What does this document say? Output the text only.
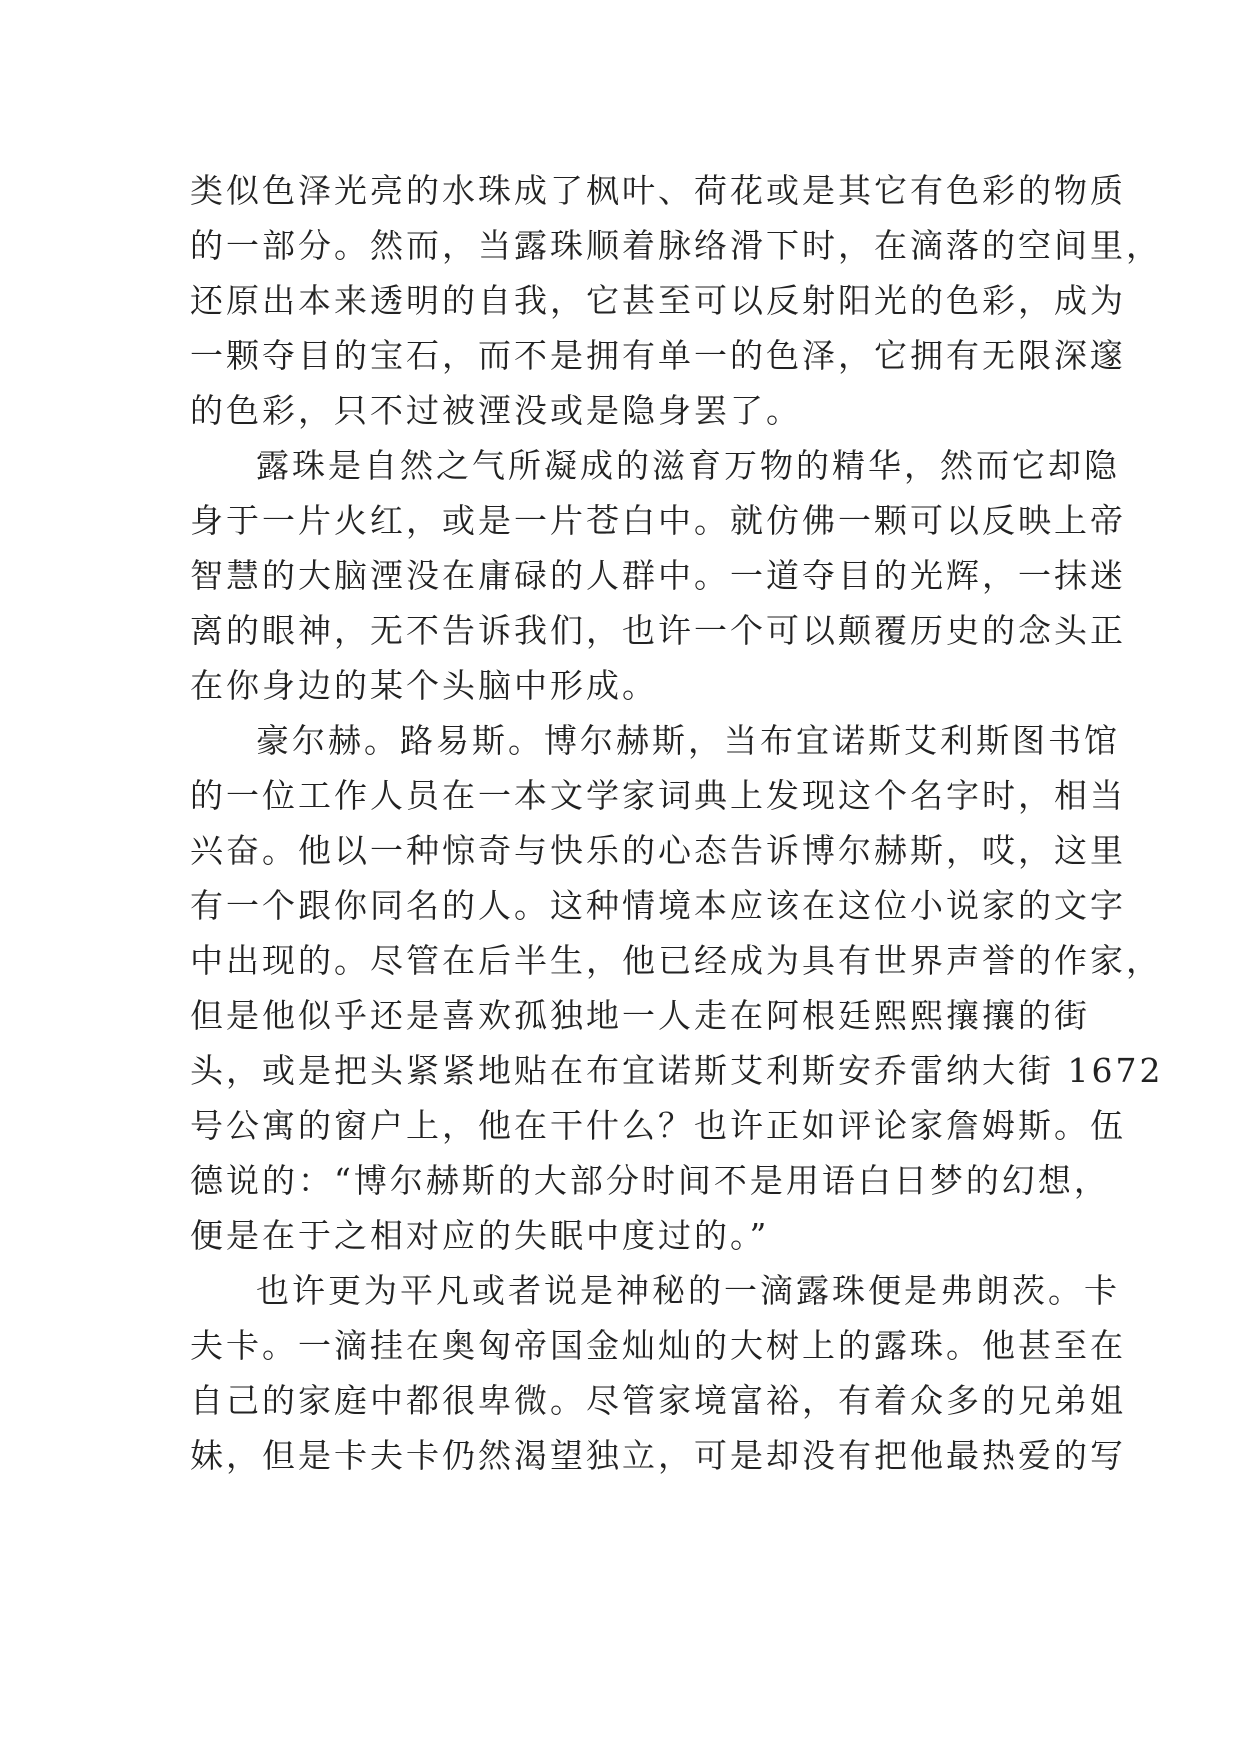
类似色泽光亮的水珠成了枫叶、荷花或是其它有色彩的物质
的一部分。然而，当露珠顺着脉络滑下时，在滴落的空间里，
还原出本来透明的自我，它甚至可以反射阳光的色彩，成为
一颗夺目的宝石，而不是拥有单一的色泽，它拥有无限深邃
的色彩，只不过被湮没或是隐身罢了。
露珠是自然之气所凝成的滋育万物的精华，然而它却隐
身于一片火红，或是一片苍白中。就仿佛一颗可以反映上帝
智慧的大脑湮没在庸碌的人群中。一道夺目的光辉，一抹迷
离的眼神，无不告诉我们，也许一个可以颠覆历史的念头正
在你身边的某个头脑中形成。
豪尔赫。路易斯。博尔赫斯，当布宜诺斯艾利斯图书馆
的一位工作人员在一本文学家词典上发现这个名字时，相当
兴奋。他以一种惊奇与快乐的心态告诉博尔赫斯，哎，这里
有一个跟你同名的人。这种情境本应该在这位小说家的文字
中出现的。尽管在后半生，他已经成为具有世界声誉的作家，
但是他似乎还是喜欢孤独地一人走在阿根廷熙熙攘攘的街
头，或是把头紧紧地贴在布宜诺斯艾利斯安乔雷纳大街 1672
号公寓的窗户上，他在干什么？也许正如评论家詹姆斯。伍
德说的：“博尔赫斯的大部分时间不是用语白日梦的幻想，
便是在于之相对应的失眠中度过的。”
也许更为平凡或者说是神秘的一滴露珠便是弗朗茨。卡
夫卡。一滴挂在奥匈帝国金灿灿的大树上的露珠。他甚至在
自己的家庭中都很卑微。尽管家境富裕，有着众多的兄弟姐
妹，但是卡夫卡仍然渴望独立，可是却没有把他最热爱的写
